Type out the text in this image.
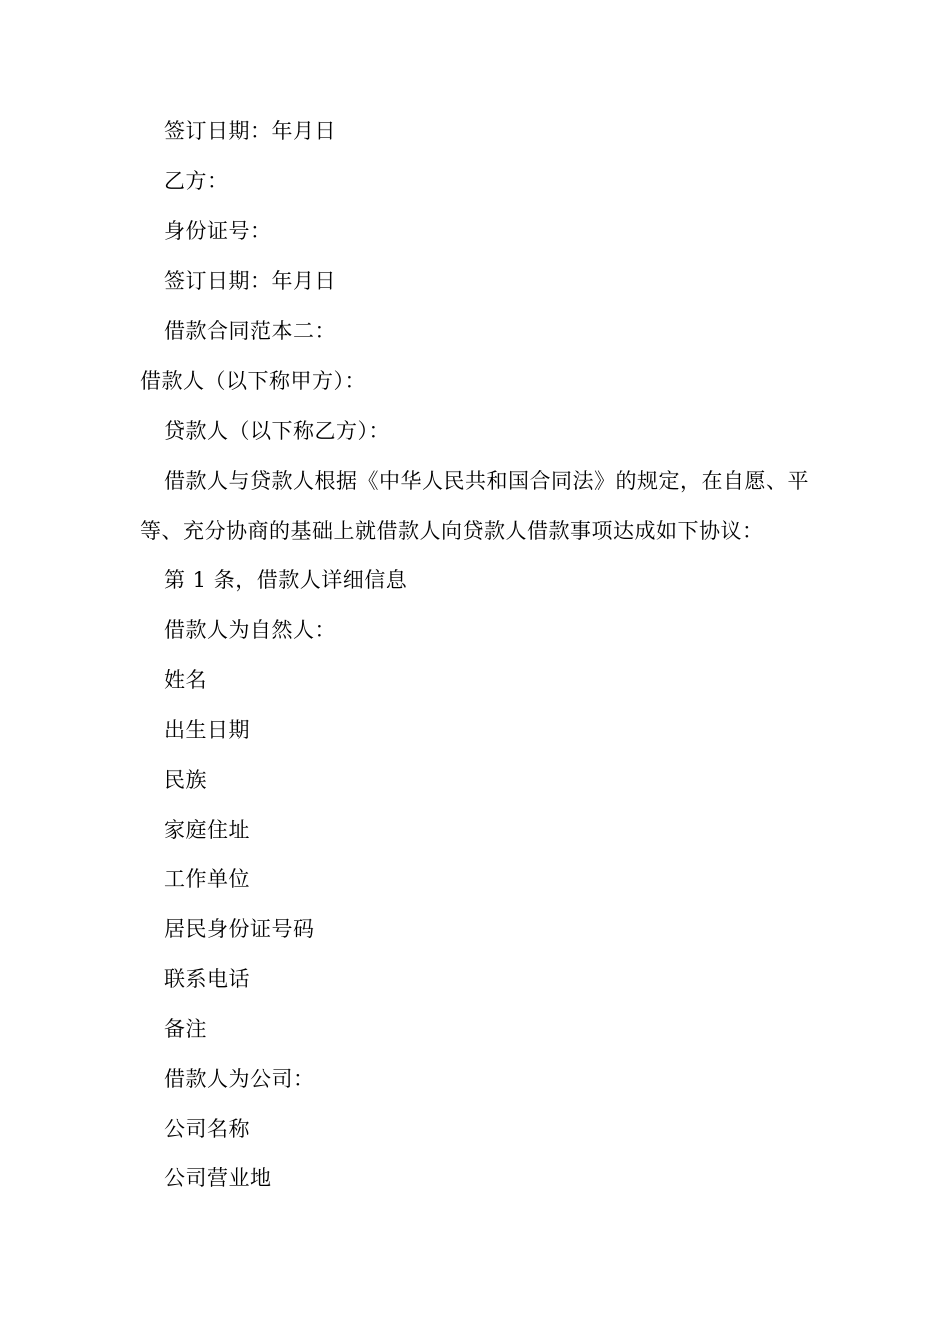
签订日期：年月日
乙方：
身份证号：
签订日期：年月日
借款合同范本二：
借款人（以下称甲方）：
贷款人（以下称乙方）：
借款人与贷款人根据《中华人民共和国合同法》的规定，在自愿、平
等、充分协商的基础上就借款人向贷款人借款事项达成如下协议：
第 1 条，借款人详细信息
借款人为自然人：
姓名
出生日期
民族
家庭住址
工作单位
居民身份证号码
联系电话
备注
借款人为公司：
公司名称
公司营业地
